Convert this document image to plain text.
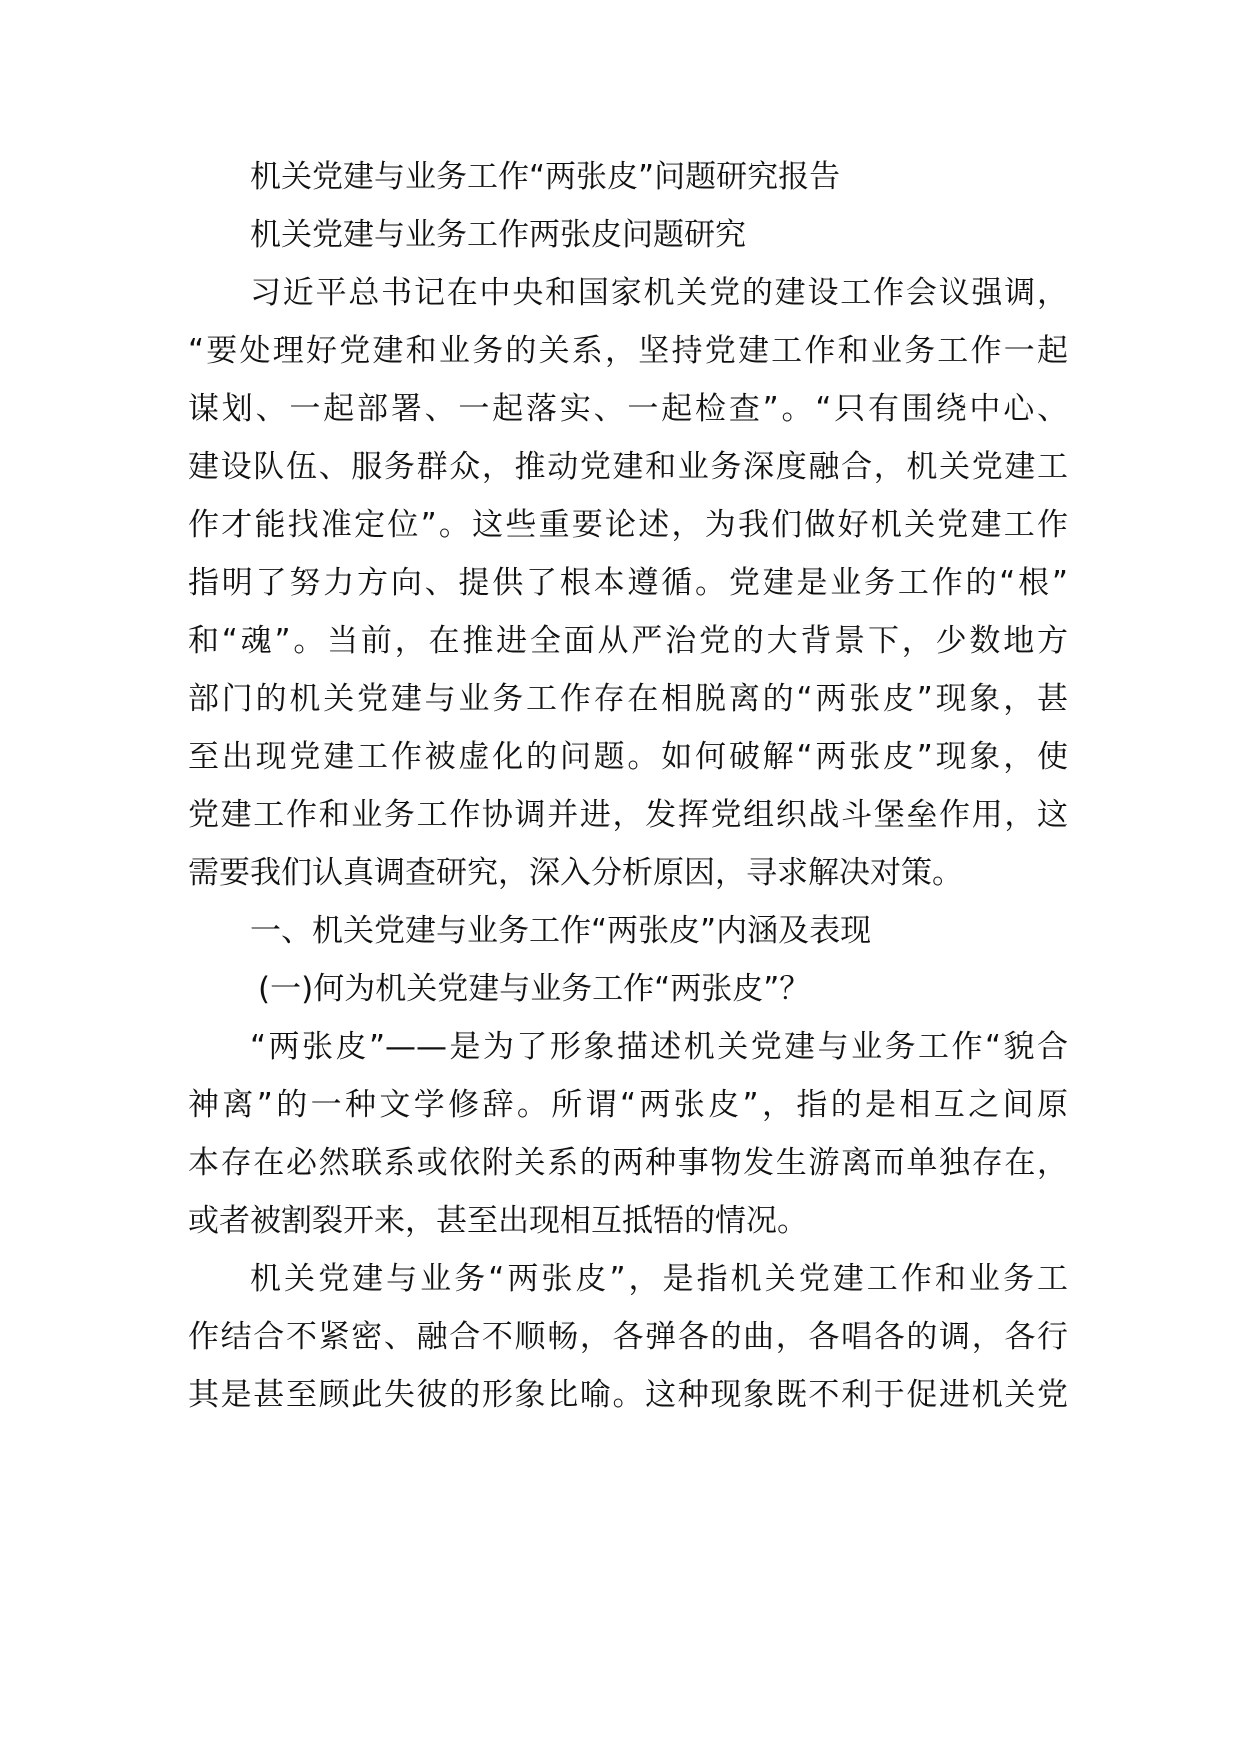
机关党建与业务工作“两张皮”问题研究报告
机关党建与业务工作两张皮问题研究
习近平总书记在中央和国家机关党的建设工作会议强调，
“要处理好党建和业务的关系，坚持党建工作和业务工作一起
谋划、一起部署、一起落实、一起检查”。“只有围绕中心、
建设队伍、服务群众，推动党建和业务深度融合，机关党建工
作才能找准定位”。这些重要论述，为我们做好机关党建工作
指明了努力方向、提供了根本遵循。党建是业务工作的“根”
和“魂”。当前，在推进全面从严治党的大背景下，少数地方
部门的机关党建与业务工作存在相脱离的“两张皮”现象，甚
至出现党建工作被虚化的问题。如何破解“两张皮”现象，使
党建工作和业务工作协调并进，发挥党组织战斗堡垒作用，这
需要我们认真调查研究，深入分析原因，寻求解决对策。
一、机关党建与业务工作“两张皮”内涵及表现
(一)何为机关党建与业务工作“两张皮”？
“两张皮”——是为了形象描述机关党建与业务工作“貌合
神离”的一种文学修辞。所谓“两张皮”，指的是相互之间原
本存在必然联系或依附关系的两种事物发生游离而单独存在，
或者被割裂开来，甚至出现相互抵牾的情况。
机关党建与业务“两张皮”，是指机关党建工作和业务工
作结合不紧密、融合不顺畅，各弹各的曲，各唱各的调，各行
其是甚至顾此失彼的形象比喻。这种现象既不利于促进机关党
